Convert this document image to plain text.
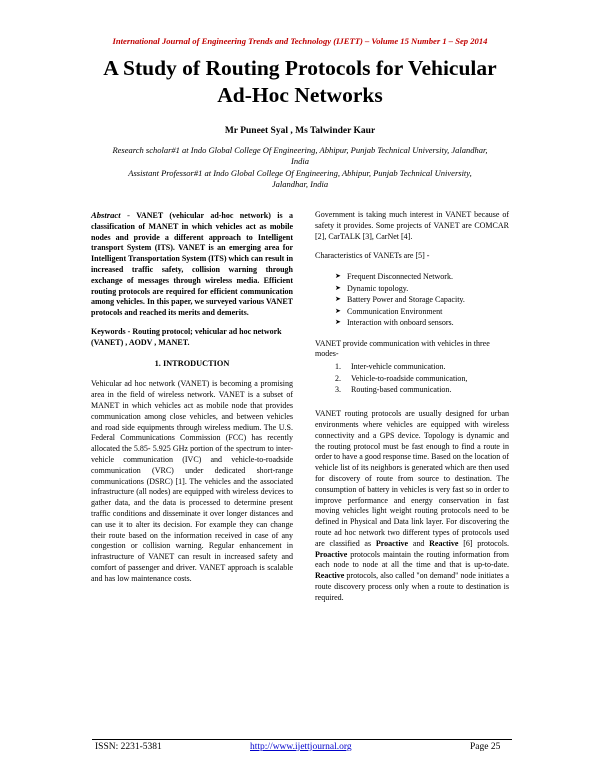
International Journal of Engineering Trends and Technology (IJETT) – Volume 15 Number 1 – Sep 2014
A Study of Routing Protocols for Vehicular
Ad-Hoc Networks
Mr Puneet Syal , Ms Talwinder Kaur
Research scholar#1 at Indo Global College Of Engineering, Abhipur, Punjab Technical University, Jalandhar, India
Assistant Professor#1 at Indo Global College Of Engineering, Abhipur, Punjab Technical University, Jalandhar, India

Abstract - VANET (vehicular ad-hoc network) is a classification of MANET in which vehicles act as mobile nodes and provide a different approach to Intelligent transport System (ITS). VANET is an emerging area for Intelligent Transportation System (ITS) which can result in increased traffic safety, collision warning through exchange of messages through wireless media. Efficient routing protocols are required for efficient communication among vehicles. In this paper, we surveyed various VANET protocols and reached its merits and demerits.

Keywords - Routing protocol; vehicular ad hoc network (VANET) , AODV , MANET.

1. INTRODUCTION

Vehicular ad hoc network (VANET) is becoming a promising area in the field of wireless network. VANET is a subset of MANET in which vehicles act as mobile node that provides communication among close vehicles, and between vehicles and road side equipments through wireless medium. The U.S. Federal Communications Commission (FCC) has recently allocated the 5.85- 5.925 GHz portion of the spectrum to inter-vehicle communication (IVC) and vehicle-to-roadside communication (VRC) under dedicated short-range communications (DSRC) [1]. The vehicles and the associated infrastructure (all nodes) are equipped with wireless devices to gather data, and the data is processed to determine present traffic conditions and disseminate it over longer distances and can use it to alter its decision. For example they can change their route based on the information received in case of any congestion or collision warning. Regular enhancement in infrastructure of VANET can result in increased safety and comfort of passenger and driver. VANET approach is scalable and has low maintenance costs.

Government is taking much interest in VANET because of safety it provides. Some projects of VANET are COMCAR [2], CarTALK [3], CarNet [4].

Characteristics of VANETs are [5] -

➤ Frequent Disconnected Network.
➤ Dynamic topology.
➤ Battery Power and Storage Capacity.
➤ Communication Environment
➤ Interaction with onboard sensors.

VANET provide communication with vehicles in three modes-

1. Inter-vehicle communication.
2. Vehicle-to-roadside communication,
3. Routing-based communication.

VANET routing protocols are usually designed for urban environments where vehicles are equipped with wireless connectivity and a GPS device. Topology is dynamic and the routing protocol must be fast enough to find a route in order to have a good response time. Based on the location of vehicle list of its neighbors is generated which are then used for discovery of route from source to destination. The consumption of battery in vehicles is very fast so in order to improve performance and energy conservation in fast moving vehicles light weight routing protocols need to be defined in Physical and Data link layer. For discovering the route ad hoc network two different types of protocols used are classified as Proactive and Reactive [6] protocols. Proactive protocols maintain the routing information from each node to node at all the time and that is up-to-date. Reactive protocols, also called "on demand" node initiates a route discovery process only when a route to destination is required.

ISSN: 2231-5381	http://www.ijettjournal.org	Page 25
